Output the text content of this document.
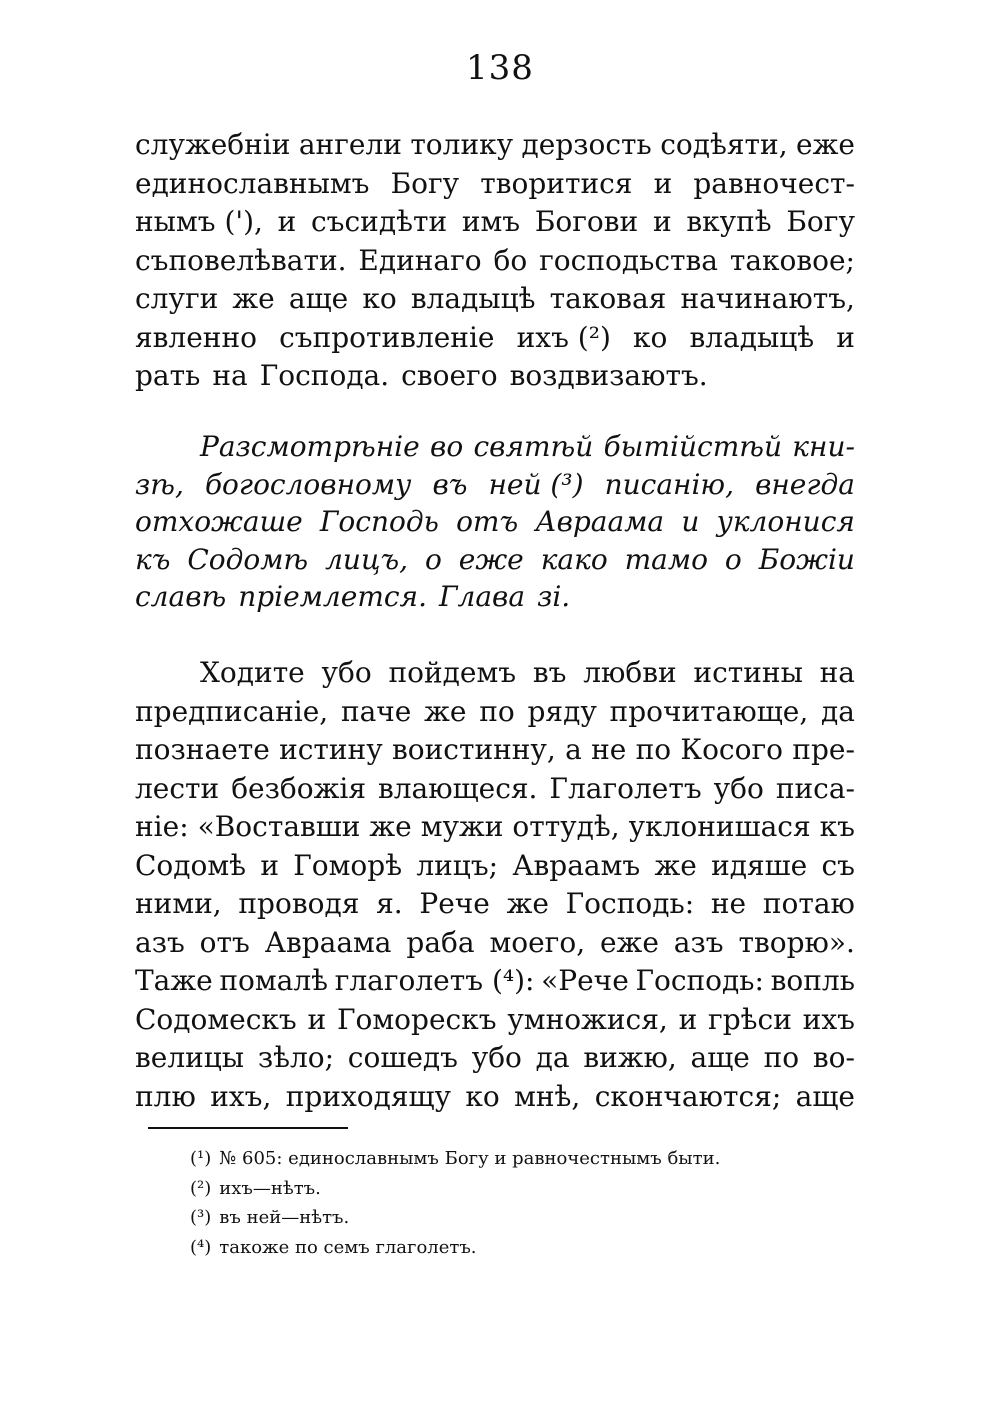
138
служебніи ангели толику дерзость содѣяти, еже
единославнымъ Богу творитися и равночест-
нымъ ('), и съсидѣти имъ Богови и вкупѣ Богу
съповелѣвати. Единаго бо господьства таковое;
слуги же аще ко владыцѣ таковая начинаютъ,
явленно съпротивленіе ихъ (²) ко владыцѣ и
рать на Господа. своего воздвизаютъ.
Разсмотрѣніе во святѣй бытійстѣй кни-
зѣ, богословному въ ней (³) писанію, внегда
отхожаше Господь отъ Авраама и уклонися
къ Содомѣ лицъ, о еже како тамо о Божіи
славѣ пріемлется. Глава зі.
Ходите убо пойдемъ въ любви истины на
предписаніе, паче же по ряду прочитающе, да
познаете истину воистинну, а не по Косого пре-
лести безбожія влающеся. Глаголетъ убо писа-
ніе: «Воставши же мужи оттудѣ, уклонишася къ
Содомѣ и Гоморѣ лицъ; Авраамъ же идяше съ
ними, проводя я. Рече же Господь: не потаю
азъ отъ Авраама раба моего, еже азъ творю».
Таже помалѣ глаголетъ (⁴): «Рече Господь: вопль
Содомескъ и Гоморескъ умножися, и грѣси ихъ
велицы зѣло; сошедъ убо да вижю, аще по во-
плю ихъ, приходящу ко мнѣ, скончаются; аще
(¹) № 605: единославнымъ Богу и равночестнымъ быти.
(²) ихъ—нѣтъ.
(³) въ ней—нѣтъ.
(⁴) такоже по семъ глаголетъ.
